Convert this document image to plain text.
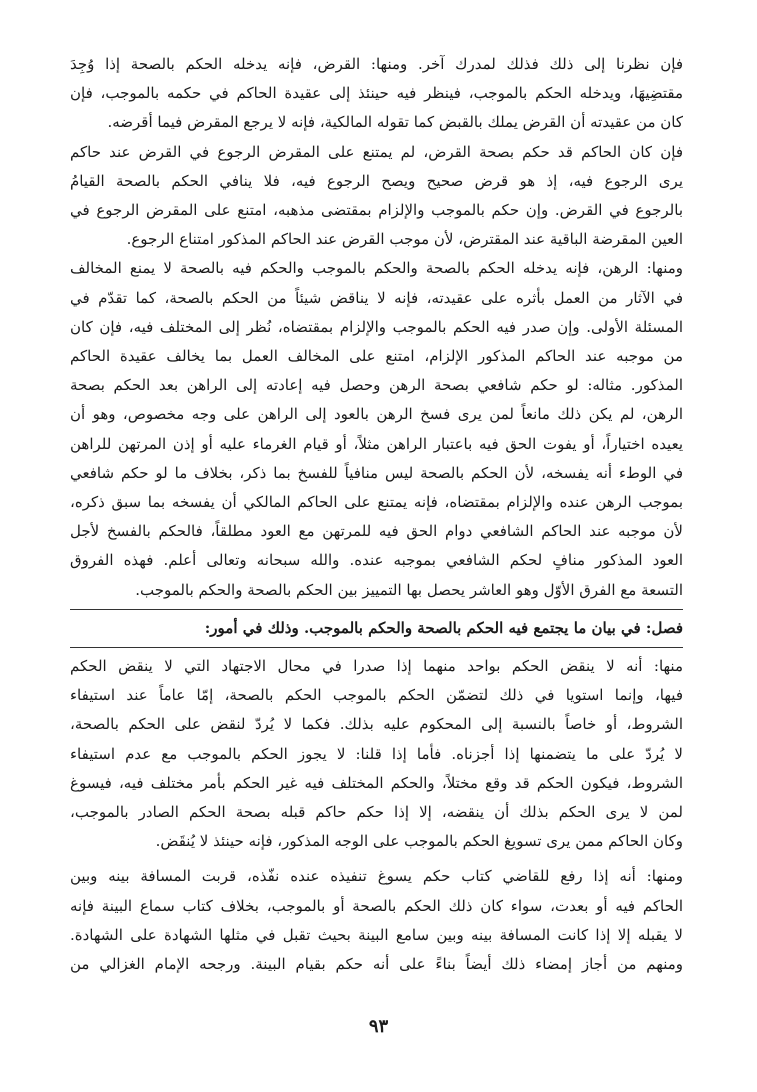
فإن نظرنا إلى ذلك فذلك لمدرك آخر. ومنها: القرض، فإنه يدخله الحكم بالصحة إذا وُجِدَ
مقتضِيهَا، ويدخله الحكم بالموجب، فينظر فيه حينئذ إلى عقيدة الحاكم في حكمه بالموجب، فإن
كان من عقيدته أن القرض يملك بالقبض كما تقوله المالكية، فإنه لا يرجع المقرض فيما أقرضه.
فإن كان الحاكم قد حكم بصحة القرض، لم يمتنع على المقرض الرجوع في القرض عند حاكم
يرى الرجوع فيه، إذ هو قرض صحيح ويصح الرجوع فيه، فلا ينافي الحكم بالصحة القيامُ
بالرجوع في القرض. وإن حكم بالموجب والإلزام بمقتضى مذهبه، امتنع على المقرض الرجوع في
العين المقرضة الباقية عند المقترض، لأن موجب القرض عند الحاكم المذكور امتناع الرجوع.
ومنها: الرهن، فإنه يدخله الحكم بالصحة والحكم بالموجب والحكم فيه بالصحة لا يمنع المخالف
في الآثار من العمل بأثره على عقيدته، فإنه لا يناقض شيئاً من الحكم بالصحة، كما تقدّم في
المسئلة الأولى. وإن صدر فيه الحكم بالموجب والإلزام بمقتضاه، نُظر إلى المختلف فيه، فإن كان
من موجبه عند الحاكم المذكور الإلزام، امتنع على المخالف العمل بما يخالف عقيدة الحاكم
المذكور. مثاله: لو حكم شافعي بصحة الرهن وحصل فيه إعادته إلى الراهن بعد الحكم بصحة
الرهن، لم يكن ذلك مانعاً لمن يرى فسخ الرهن بالعود إلى الراهن على وجه مخصوص، وهو أن
يعيده اختياراً، أو يفوت الحق فيه باعتبار الراهن مثلاً، أو قيام الغرماء عليه أو إذن المرتهن للراهن
في الوطء أنه يفسخه، لأن الحكم بالصحة ليس منافياً للفسخ بما ذكر، بخلاف ما لو حكم شافعي
بموجب الرهن عنده والإلزام بمقتضاه، فإنه يمتنع على الحاكم المالكي أن يفسخه بما سبق ذكره،
لأن موجبه عند الحاكم الشافعي دوام الحق فيه للمرتهن مع العود مطلقاً، فالحكم بالفسخ لأجل
العود المذكور منافٍ لحكم الشافعي بموجبه عنده. والله سبحانه وتعالى أعلم. فهذه الفروق
التسعة مع الفرق الأوّل وهو العاشر يحصل بها التمييز بين الحكم بالصحة والحكم بالموجب.
فصل: في بيان ما يجتمع فيه الحكم بالصحة والحكم بالموجب. وذلك في أمور:
منها: أنه لا ينقض الحكم بواحد منهما إذا صدرا في محال الاجتهاد التي لا ينقض الحكم
فيها، وإنما استويا في ذلك لتضمّن الحكم بالموجب الحكم بالصحة، إمّا عاماً عند استيفاء
الشروط، أو خاصاً بالنسبة إلى المحكوم عليه بذلك. فكما لا يُردّ لنقض على الحكم بالصحة،
لا يُردّ على ما يتضمنها إذا أجزناه. فأما إذا قلنا: لا يجوز الحكم بالموجب مع عدم استيفاء
الشروط، فيكون الحكم قد وقع مختلاً، والحكم المختلف فيه غير الحكم بأمر مختلف فيه، فيسوغ
لمن لا يرى الحكم بذلك أن ينقضه، إلا إذا حكم حاكم قبله بصحة الحكم الصادر بالموجب،
وكان الحاكم ممن يرى تسويغ الحكم بالموجب على الوجه المذكور، فإنه حينئذ لا يُنقَض.
ومنها: أنه إذا رفع للقاضي كتاب حكم يسوغ تنفيذه عنده نفّذه، قربت المسافة بينه وبين
الحاكم فيه أو بعدت، سواء كان ذلك الحكم بالصحة أو بالموجب، بخلاف كتاب سماع البينة فإنه
لا يقبله إلا إذا كانت المسافة بينه وبين سامع البينة بحيث تقبل في مثلها الشهادة على الشهادة.
ومنهم من أجاز إمضاء ذلك أيضاً بناءً على أنه حكم بقيام البينة. ورجحه الإمام الغزالي من
٩٣
